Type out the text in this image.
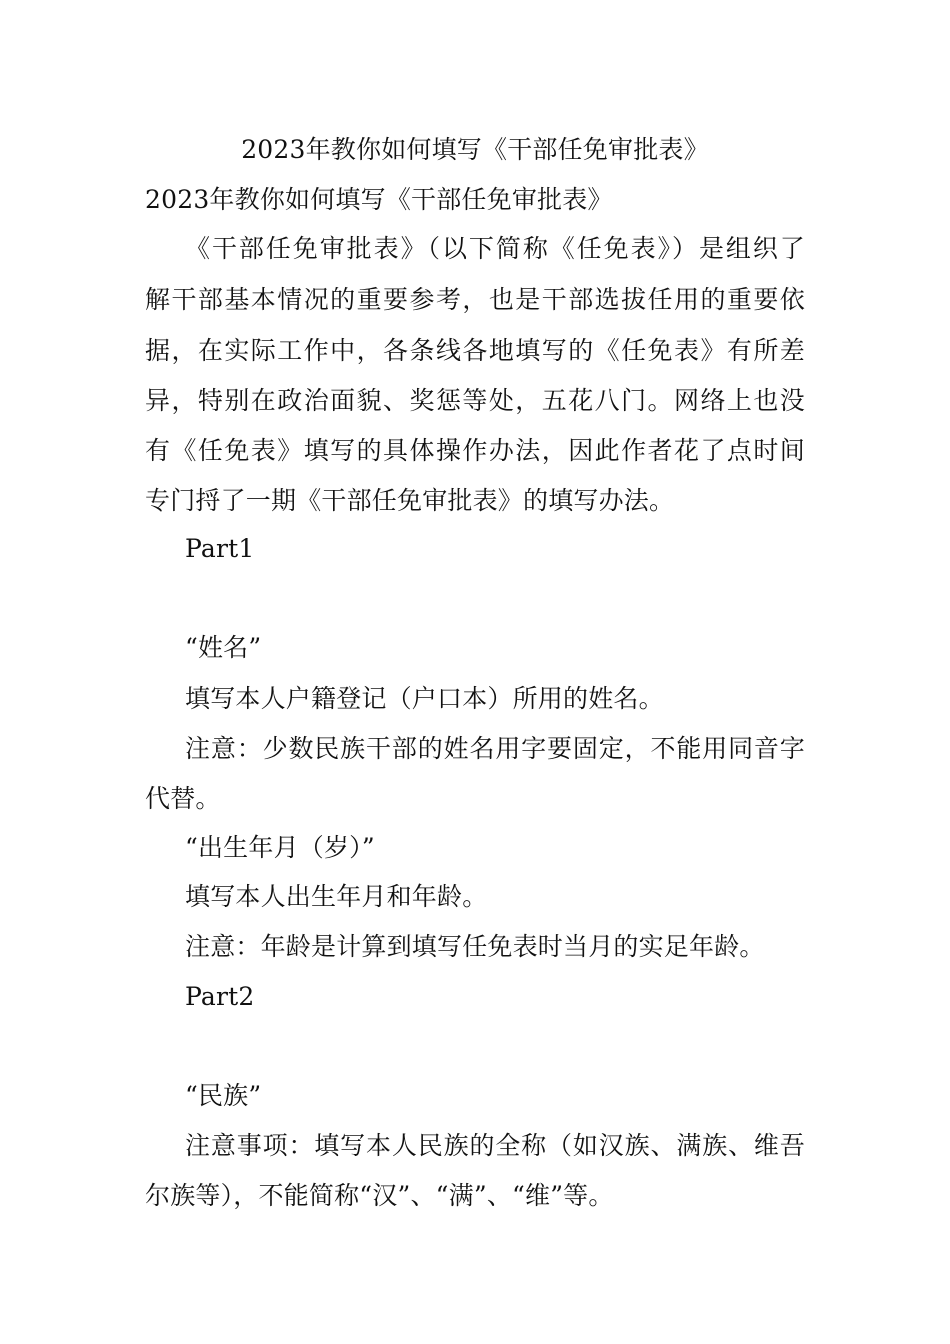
2023年教你如何填写《干部任免审批表》
2023年教你如何填写《干部任免审批表》
《干部任免审批表》（以下简称《任免表》）是组织了
解干部基本情况的重要参考，也是干部选拔任用的重要依
据，在实际工作中，各条线各地填写的《任免表》有所差
异，特别在政治面貌、奖惩等处，五花八门。网络上也没
有《任免表》填写的具体操作办法，因此作者花了点时间
专门捋了一期《干部任免审批表》的填写办法。
Part1
“姓名”
填写本人户籍登记（户口本）所用的姓名。
注意：少数民族干部的姓名用字要固定，不能用同音字
代替。
“出生年月（岁）”
填写本人出生年月和年龄。
注意：年龄是计算到填写任免表时当月的实足年龄。
Part2
“民族”
注意事项：填写本人民族的全称（如汉族、满族、维吾
尔族等），不能简称“汉”、“满”、“维”等。
